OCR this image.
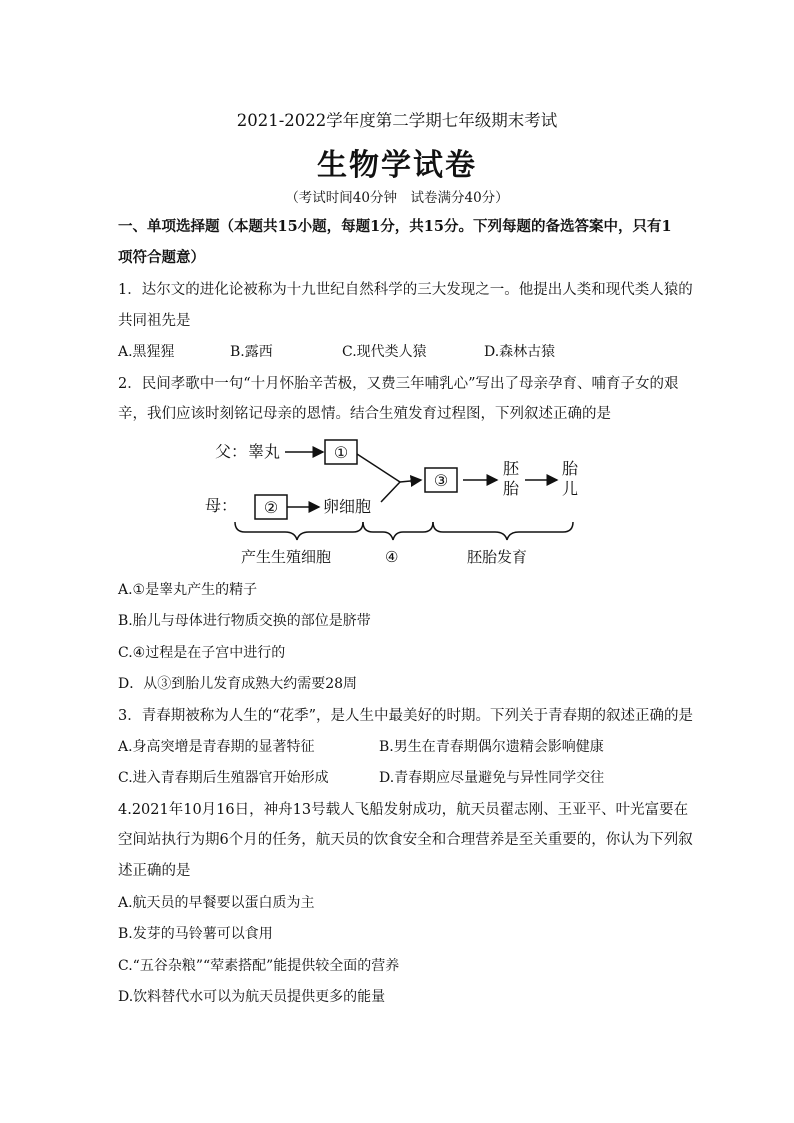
2021-2022学年度第二学期七年级期末考试
生物学试卷
（考试时间40分钟　试卷满分40分）
一、单项选择题（本题共15小题，每题1分，共15分。下列每题的备选答案中，只有1
项符合题意）
1．达尔文的进化论被称为十九世纪自然科学的三大发现之一。他提出人类和现代类人猿的
共同祖先是
A.黑猩猩	B.露西	C.现代类人猿	D.森林古猿
2．民间孝歌中一句“十月怀胎辛苦极，又费三年哺乳心”写出了母亲孕育、哺育子女的艰
辛，我们应该时刻铭记母亲的恩情。结合生殖发育过程图，下列叙述正确的是
父： 睾丸	①
母： ②	卵细胞
③
胚
胎
胎
儿
产生生殖细胞	④	胚胎发育
A.①是睾丸产生的精子
B.胎儿与母体进行物质交换的部位是脐带
C.④过程是在子宫中进行的
D．从③到胎儿发育成熟大约需要28周
3．青春期被称为人生的“花季”，是人生中最美好的时期。下列关于青春期的叙述正确的是
A.身高突增是青春期的显著特征	B.男生在青春期偶尔遗精会影响健康
C.进入青春期后生殖器官开始形成	D.青春期应尽量避免与异性同学交往
4.2021年10月16日，神舟13号载人飞船发射成功，航天员翟志刚、王亚平、叶光富要在
空间站执行为期6个月的任务，航天员的饮食安全和合理营养是至关重要的，你认为下列叙
述正确的是
A.航天员的早餐要以蛋白质为主
B.发芽的马铃薯可以食用
C.“五谷杂粮”“荤素搭配”能提供较全面的营养
D.饮料替代水可以为航天员提供更多的能量
